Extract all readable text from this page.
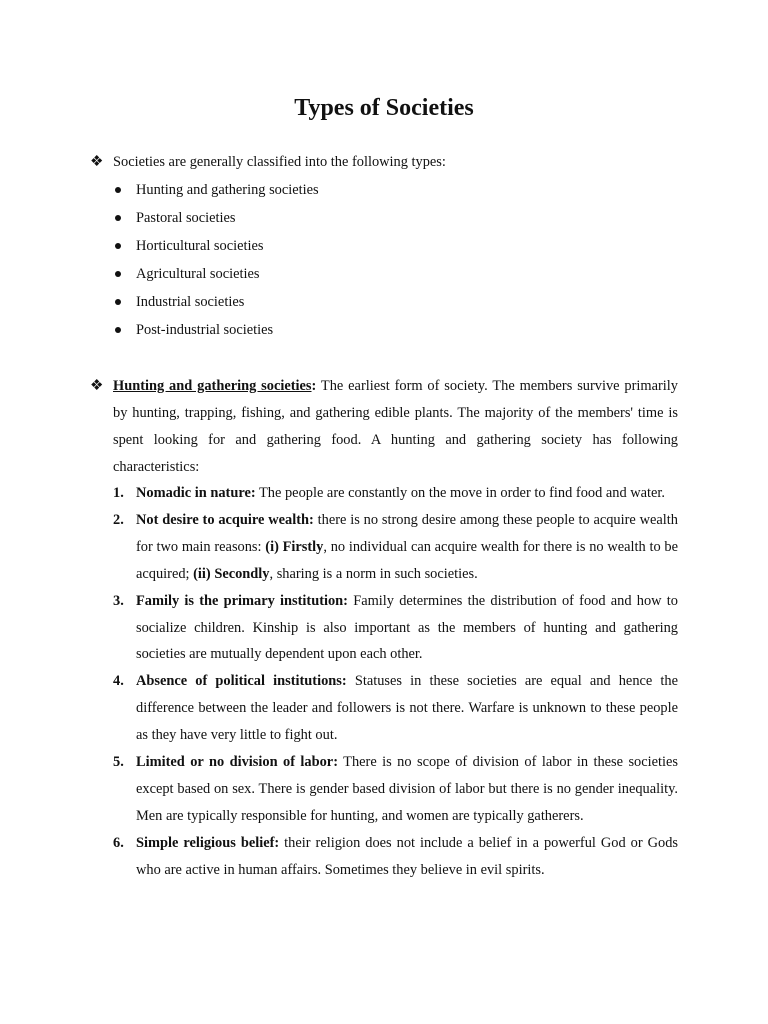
Types of Societies
❖ Societies are generally classified into the following types:
Hunting and gathering societies
Pastoral societies
Horticultural societies
Agricultural societies
Industrial societies
Post-industrial societies
❖ Hunting and gathering societies: The earliest form of society. The members survive primarily by hunting, trapping, fishing, and gathering edible plants. The majority of the members' time is spent looking for and gathering food. A hunting and gathering society has following characteristics:
1. Nomadic in nature: The people are constantly on the move in order to find food and water.
2. Not desire to acquire wealth: there is no strong desire among these people to acquire wealth for two main reasons: (i) Firstly, no individual can acquire wealth for there is no wealth to be acquired; (ii) Secondly, sharing is a norm in such societies.
3. Family is the primary institution: Family determines the distribution of food and how to socialize children. Kinship is also important as the members of hunting and gathering societies are mutually dependent upon each other.
4. Absence of political institutions: Statuses in these societies are equal and hence the difference between the leader and followers is not there. Warfare is unknown to these people as they have very little to fight out.
5. Limited or no division of labor: There is no scope of division of labor in these societies except based on sex. There is gender based division of labor but there is no gender inequality. Men are typically responsible for hunting, and women are typically gatherers.
6. Simple religious belief: their religion does not include a belief in a powerful God or Gods who are active in human affairs. Sometimes they believe in evil spirits.
